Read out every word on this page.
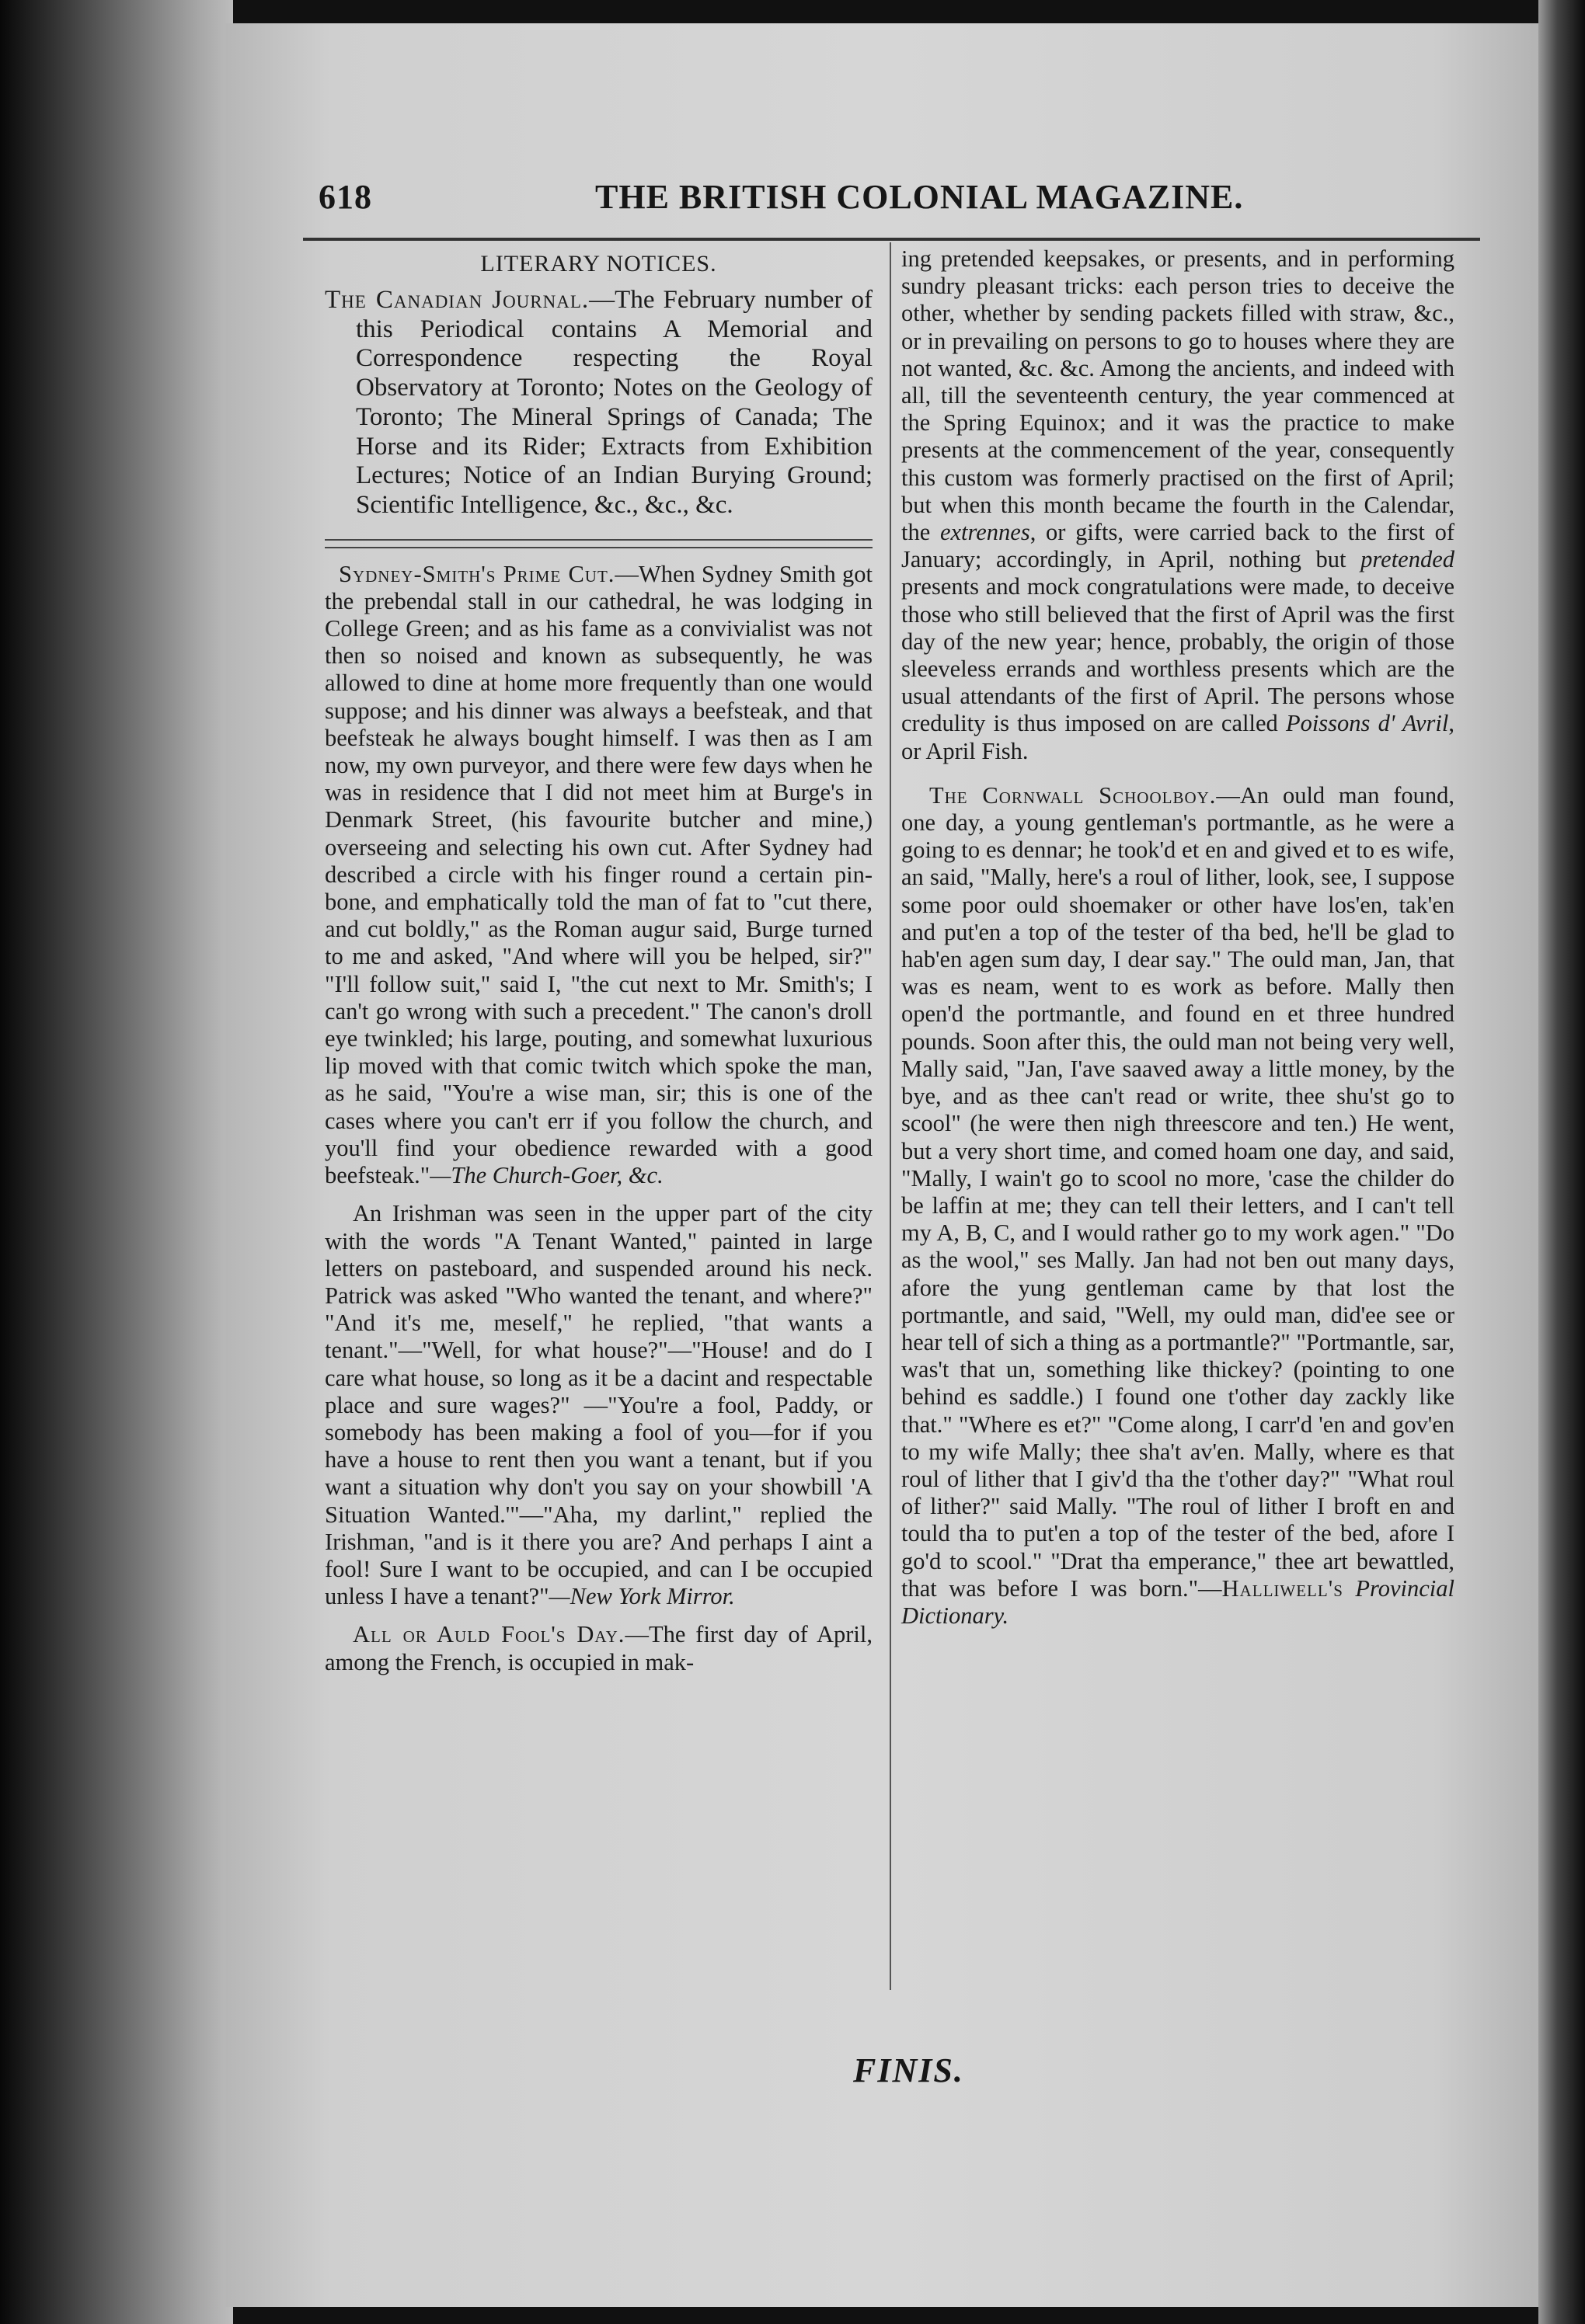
618	THE BRITISH COLONIAL MAGAZINE.
LITERARY NOTICES.

The Canadian Journal.—The February number of this Periodical contains A Memorial and Correspondence respecting the Royal Observatory at Toronto; Notes on the Geology of Toronto; The Mineral Springs of Canada; The Horse and its Rider; Extracts from Exhibition Lectures; Notice of an Indian Burying Ground; Scientific Intelligence, &c., &c., &c.

Sydney-Smith's Prime Cut.—When Sydney Smith got the prebendal stall in our cathedral, he was lodging in College Green; and as his fame as a convivialist was not then so noised and known as subsequently, he was allowed to dine at home more frequently than one would suppose; and his dinner was always a beefsteak, and that beefsteak he always bought himself. I was then as I am now, my own purveyor, and there were few days when he was in residence that I did not meet him at Burge's in Denmark Street, (his favourite butcher and mine,) overseeing and selecting his own cut. After Sydney had described a circle with his finger round a certain pin-bone, and emphatically told the man of fat to "cut there, and cut boldly," as the Roman augur said, Burge turned to me and asked, "And where will you be helped, sir?" "I'll follow suit," said I, "the cut next to Mr. Smith's; I can't go wrong with such a precedent." The canon's droll eye twinkled; his large, pouting, and somewhat luxurious lip moved with that comic twitch which spoke the man, as he said, "You're a wise man, sir; this is one of the cases where you can't err if you follow the church, and you'll find your obedience rewarded with a good beefsteak."—The Church-Goer, &c.

An Irishman was seen in the upper part of the city with the words "A Tenant Wanted," painted in large letters on pasteboard, and suspended around his neck. Patrick was asked "Who wanted the tenant, and where?" "And it's me, meself," he replied, "that wants a tenant."—"Well, for what house?"—"House! and do I care what house, so long as it be a dacint and respectable place and sure wages?" —"You're a fool, Paddy, or somebody has been making a fool of you—for if you have a house to rent then you want a tenant, but if you want a situation why don't you say on your showbill 'A Situation Wanted.'"—"Aha, my darlint," replied the Irishman, "and is it there you are? And perhaps I aint a fool! Sure I want to be occupied, and can I be occupied unless I have a tenant?"—New York Mirror.

All or Auld Fool's Day.—The first day of April, among the French, is occupied in mak-

ing pretended keepsakes, or presents, and in performing sundry pleasant tricks: each person tries to deceive the other, whether by sending packets filled with straw, &c., or in prevailing on persons to go to houses where they are not wanted, &c. &c. Among the ancients, and indeed with all, till the seventeenth century, the year commenced at the Spring Equinox; and it was the practice to make presents at the commencement of the year, consequently this custom was formerly practised on the first of April; but when this month became the fourth in the Calendar, the extrennes, or gifts, were carried back to the first of January; accordingly, in April, nothing but pretended presents and mock congratulations were made, to deceive those who still believed that the first of April was the first day of the new year; hence, probably, the origin of those sleeveless errands and worthless presents which are the usual attendants of the first of April. The persons whose credulity is thus imposed on are called Poissons d' Avril, or April Fish.

The Cornwall Schoolboy.—An ould man found, one day, a young gentleman's portmantle, as he were a going to es dennar; he took'd et en and gived et to es wife, an said, "Mally, here's a roul of lither, look, see, I suppose some poor ould shoemaker or other have los'en, tak'en and put'en a top of the tester of tha bed, he'll be glad to hab'en agen sum day, I dear say." The ould man, Jan, that was es neam, went to es work as before. Mally then open'd the portmantle, and found en et three hundred pounds. Soon after this, the ould man not being very well, Mally said, "Jan, I'ave saaved away a little money, by the bye, and as thee can't read or write, thee shu'st go to scool" (he were then nigh threescore and ten.) He went, but a very short time, and comed hoam one day, and said, "Mally, I wain't go to scool no more, 'case the childer do be laffin at me; they can tell their letters, and I can't tell my A, B, C, and I would rather go to my work agen." "Do as the wool," ses Mally. Jan had not ben out many days, afore the yung gentleman came by that lost the portmantle, and said, "Well, my ould man, did'ee see or hear tell of sich a thing as a portmantle?" "Portmantle, sar, was't that un, something like thickey? (pointing to one behind es saddle.) I found one t'other day zackly like that." "Where es et?" "Come along, I carr'd 'en and gov'en to my wife Mally; thee sha't av'en. Mally, where es that roul of lither that I giv'd tha the t'other day?" "What roul of lither?" said Mally. "The roul of lither I broft en and tould tha to put'en a top of the tester of the bed, afore I go'd to scool." "Drat tha emperance," thee art bewattled, that was before I was born."—Halliwell's Provincial Dictionary.

FINIS.
